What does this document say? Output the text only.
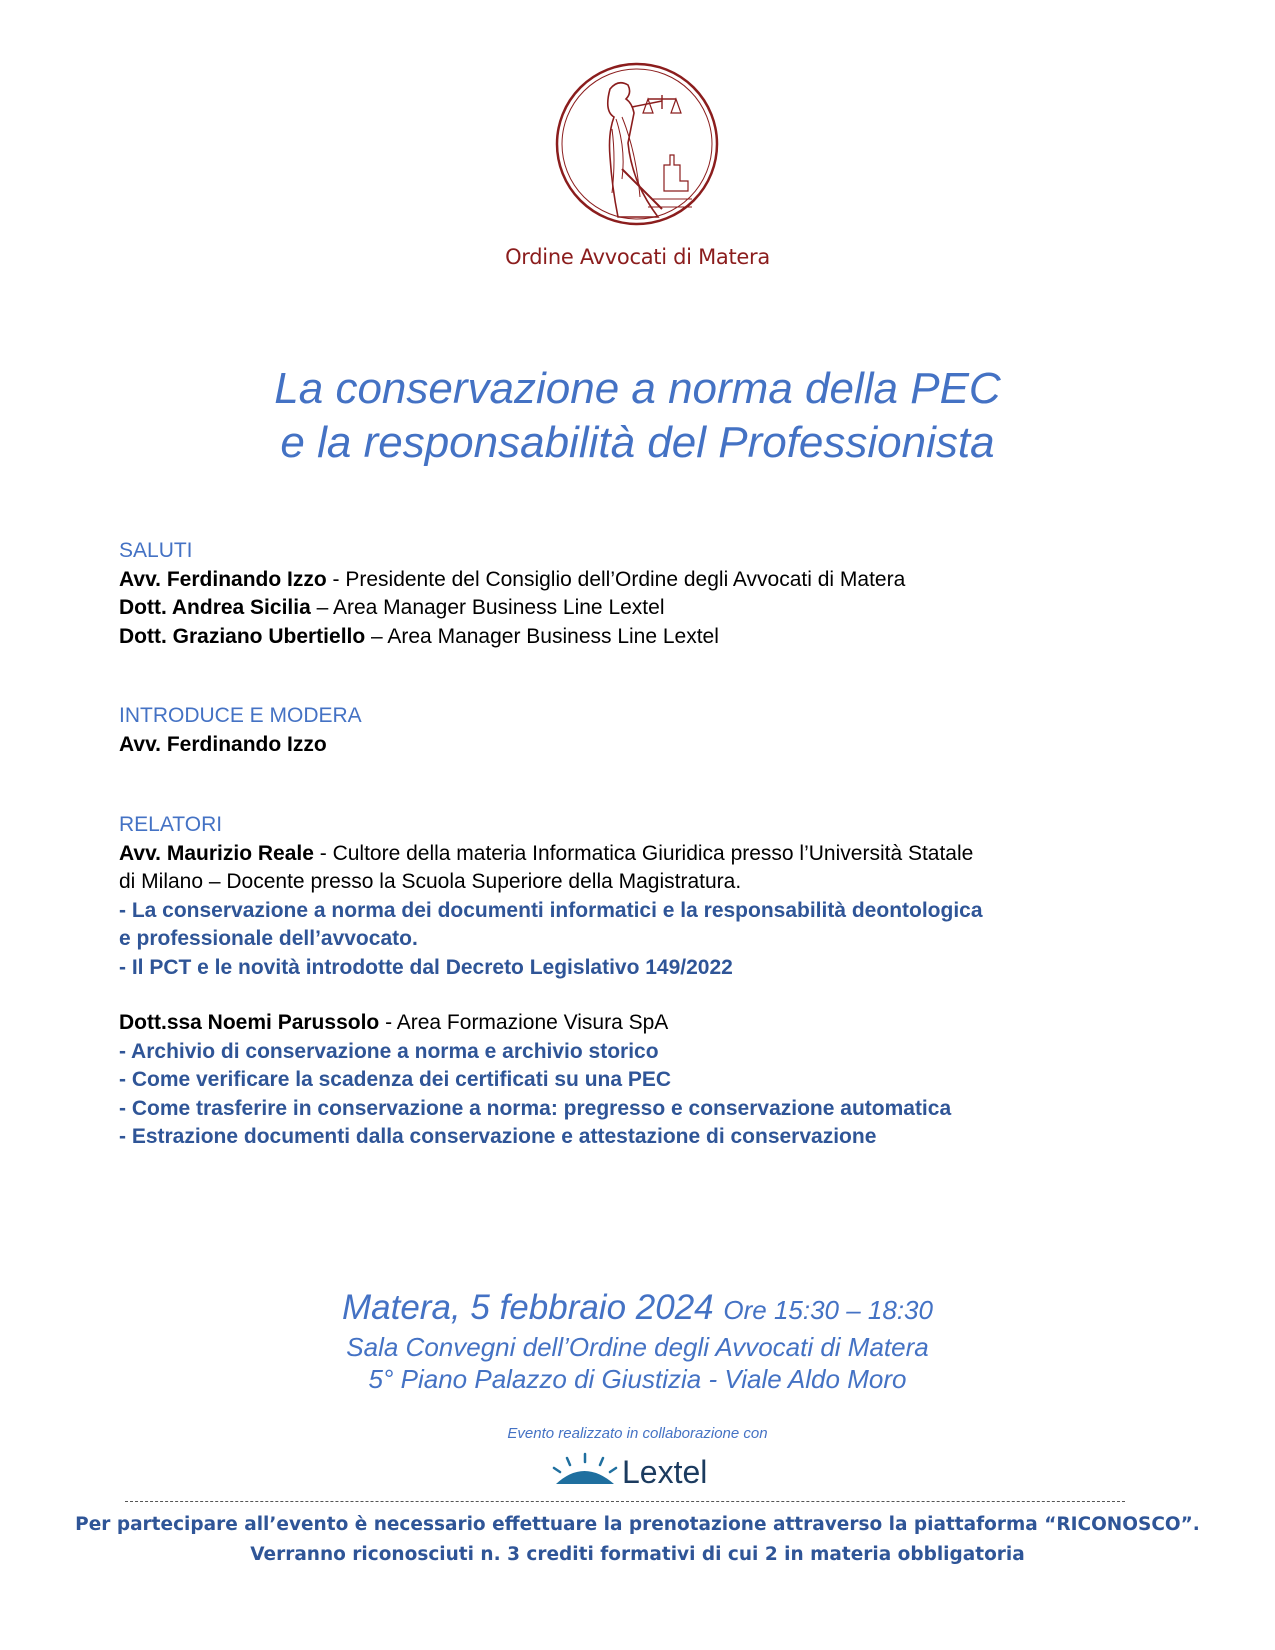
Ordine Avvocati di Matera
La conservazione a norma della PEC
e la responsabilità del Professionista
SALUTI
Avv. Ferdinando Izzo - Presidente del Consiglio dell’Ordine degli Avvocati di Matera
Dott. Andrea Sicilia – Area Manager Business Line Lextel
Dott. Graziano Ubertiello – Area Manager Business Line Lextel
INTRODUCE E MODERA
Avv. Ferdinando Izzo
RELATORI
Avv. Maurizio Reale - Cultore della materia Informatica Giuridica presso l’Università Statale
di Milano – Docente presso la Scuola Superiore della Magistratura.
- La conservazione a norma dei documenti informatici e la responsabilità deontologica
e professionale dell’avvocato.
- Il PCT e le novità introdotte dal Decreto Legislativo 149/2022
Dott.ssa Noemi Parussolo - Area Formazione Visura SpA
- Archivio di conservazione a norma e archivio storico
- Come verificare la scadenza dei certificati su una PEC
- Come trasferire in conservazione a norma: pregresso e conservazione automatica
- Estrazione documenti dalla conservazione e attestazione di conservazione
Matera, 5 febbraio 2024 Ore 15:30 – 18:30
Sala Convegni dell’Ordine degli Avvocati di Matera
5° Piano Palazzo di Giustizia - Viale Aldo Moro
Evento realizzato in collaborazione con
Lextel
Per partecipare all’evento è necessario effettuare la prenotazione attraverso la piattaforma “RICONOSCO”.
Verranno riconosciuti n. 3 crediti formativi di cui 2 in materia obbligatoria
